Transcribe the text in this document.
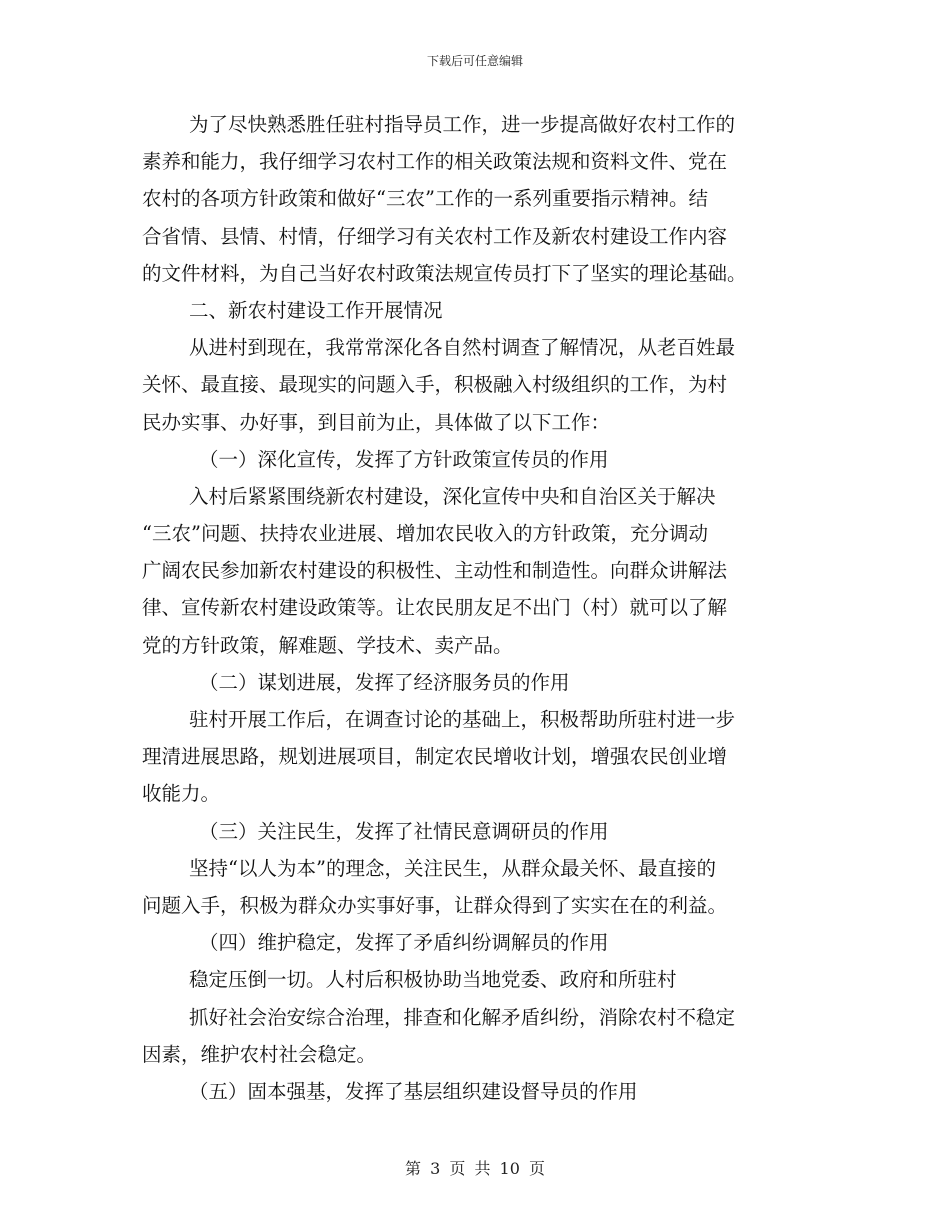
下载后可任意编辑
为了尽快熟悉胜任驻村指导员工作，进一步提高做好农村工作的
素养和能力，我仔细学习农村工作的相关政策法规和资料文件、党在
农村的各项方针政策和做好“三农”工作的一系列重要指示精神。结
合省情、县情、村情，仔细学习有关农村工作及新农村建设工作内容
的文件材料，为自己当好农村政策法规宣传员打下了坚实的理论基础。
二、新农村建设工作开展情况
从进村到现在，我常常深化各自然村调查了解情况，从老百姓最
关怀、最直接、最现实的问题入手，积极融入村级组织的工作，为村
民办实事、办好事，到目前为止，具体做了以下工作：
（一）深化宣传，发挥了方针政策宣传员的作用
入村后紧紧围绕新农村建设，深化宣传中央和自治区关于解决
“三农”问题、扶持农业进展、增加农民收入的方针政策，充分调动
广阔农民参加新农村建设的积极性、主动性和制造性。向群众讲解法
律、宣传新农村建设政策等。让农民朋友足不出门（村）就可以了解
党的方针政策，解难题、学技术、卖产品。
（二）谋划进展，发挥了经济服务员的作用
驻村开展工作后，在调查讨论的基础上，积极帮助所驻村进一步
理清进展思路，规划进展项目，制定农民增收计划，增强农民创业增
收能力。
（三）关注民生，发挥了社情民意调研员的作用
坚持“以人为本”的理念，关注民生，从群众最关怀、最直接的
问题入手，积极为群众办实事好事，让群众得到了实实在在的利益。
（四）维护稳定，发挥了矛盾纠纷调解员的作用
稳定压倒一切。人村后积极协助当地党委、政府和所驻村
抓好社会治安综合治理，排查和化解矛盾纠纷，消除农村不稳定
因素，维护农村社会稳定。
（五）固本强基，发挥了基层组织建设督导员的作用
第 3 页 共 10 页
